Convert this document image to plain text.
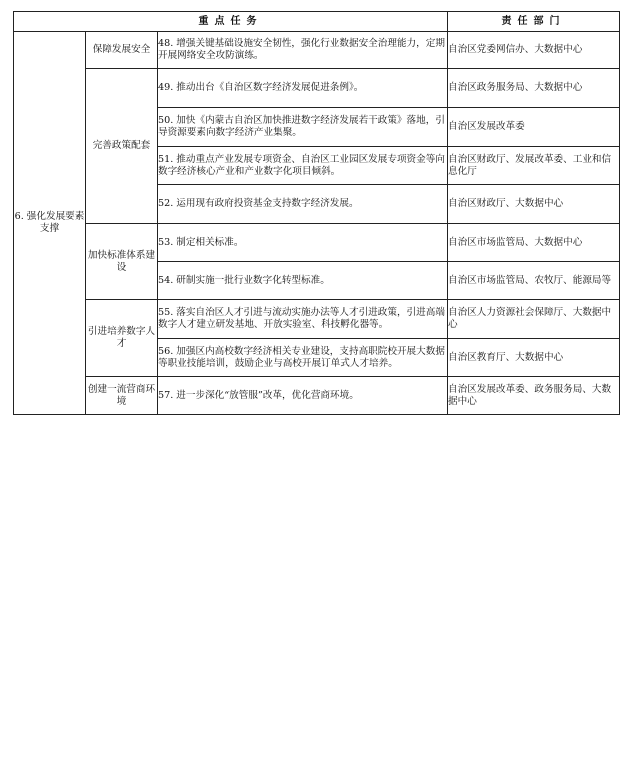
重点任务			责任部门
6. 强化发展要素支撑	保障发展安全	48. 增强关键基础设施安全韧性，强化行业数据安全治理能力，定期开展网络安全攻防演练。	自治区党委网信办、大数据中心
	完善政策配套	49. 推动出台《自治区数字经济发展促进条例》。	自治区政务服务局、大数据中心
		50. 加快《内蒙古自治区加快推进数字经济发展若干政策》落地，引导资源要素向数字经济产业集聚。	自治区发展改革委
		51. 推动重点产业发展专项资金、自治区工业园区发展专项资金等向数字经济核心产业和产业数字化项目倾斜。	自治区财政厅、发展改革委、工业和信息化厅
		52. 运用现有政府投资基金支持数字经济发展。	自治区财政厅、大数据中心
	加快标准体系建设	53. 制定相关标准。	自治区市场监管局、大数据中心
		54. 研制实施一批行业数字化转型标准。	自治区市场监管局、农牧厅、能源局等
	引进培养数字人才	55. 落实自治区人才引进与流动实施办法等人才引进政策，引进高端数字人才建立研发基地、开放实验室、科技孵化器等。	自治区人力资源社会保障厅、大数据中心
		56. 加强区内高校数字经济相关专业建设，支持高职院校开展大数据等职业技能培训，鼓励企业与高校开展订单式人才培养。	自治区教育厅、大数据中心
	创建一流营商环境	57. 进一步深化“放管服”改革，优化营商环境。	自治区发展改革委、政务服务局、大数据中心
